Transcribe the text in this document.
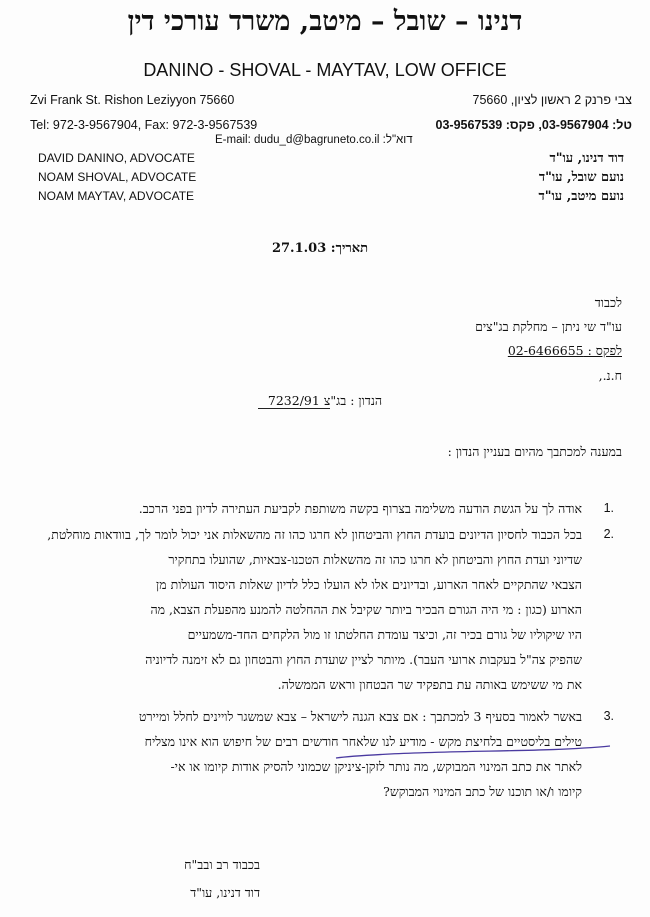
דנינו – שובל – מיטב, משרד עורכי דין
DANINO - SHOVAL - MAYTAV, LOW OFFICE
Zvi Frank St. Rishon Leziyyon 75660	צבי פרנק 2 ראשון לציון, 75660
Tel: 972-3-9567904, Fax: 972-3-9567539	טל: 03-9567904, פקס: 03-9567539
E-mail: dudu_d@bagruneto.co.il :דוא"ל
DAVID DANINO, ADVOCATE
NOAM SHOVAL, ADVOCATE
NOAM MAYTAV, ADVOCATE
דוד דנינו, עו"ד
נועם שובל, עו"ד
נועם מיטב, עו"ד
תאריך: 27.1.03
לכבוד
עו"ד שי ניתן – מחלקת בג"צים
לפקס : 02-6466655
ח.נ.,
הנדון : בג"צ 7232/91
במענה למכתבך מהיום בעניין הנדון :
1.
אודה לך על הגשת הודעה משלימה בצרוף בקשה משותפת לקביעת העתירה לדיון בפני הרכב.
2.
בכל הכבוד לחסיון הדיונים בועדת החוץ והביטחון לא חרגו כהו זה מהשאלות אני יכול לומר לך, בוודאות מוחלטת,
שדיוני ועדת החוץ והביטחון לא חרגו כהו זה מהשאלות הטכנו-צבאיות, שהועלו בתחקיר
הצבאי שהתקיים לאחר הארוע, ובדיונים אלו לא הועלו כלל לדיון שאלות היסוד העולות מן
הארוע (כגון : מי היה הגורם הבכיר ביותר שקיבל את ההחלטה להמנע מהפעלת הצבא, מה
היו שיקוליו של גורם בכיר זה, וכיצד עומדת החלטתו זו מול הלקחים החד-משמעיים
שהפיק צה"ל בעקבות ארועי העבר). מיותר לציין שועדת החוץ והבטחון גם לא זימנה לדיוניה
את מי ששימש באותה עת בתפקיד שר הבטחון וראש הממשלה.
3.
באשר לאמור בסעיף 3 למכתבך : אם צבא הגנה לישראל – צבא שמשגר לויינים לחלל ומיירט
טילים בליסטיים בלחיצת מקש - מודיע לנו שלאחר חודשים רבים של חיפוש הוא אינו מצליח
לאתר את כתב המינוי המבוקש, מה נותר לזקן-ציניקן שכמוני להסיק אודות קיומו או אי-
קיומו ו/או תוכנו של כתב המינוי המבוקש?
בכבוד רב ובב"ח
דוד דנינו, עו"ד
